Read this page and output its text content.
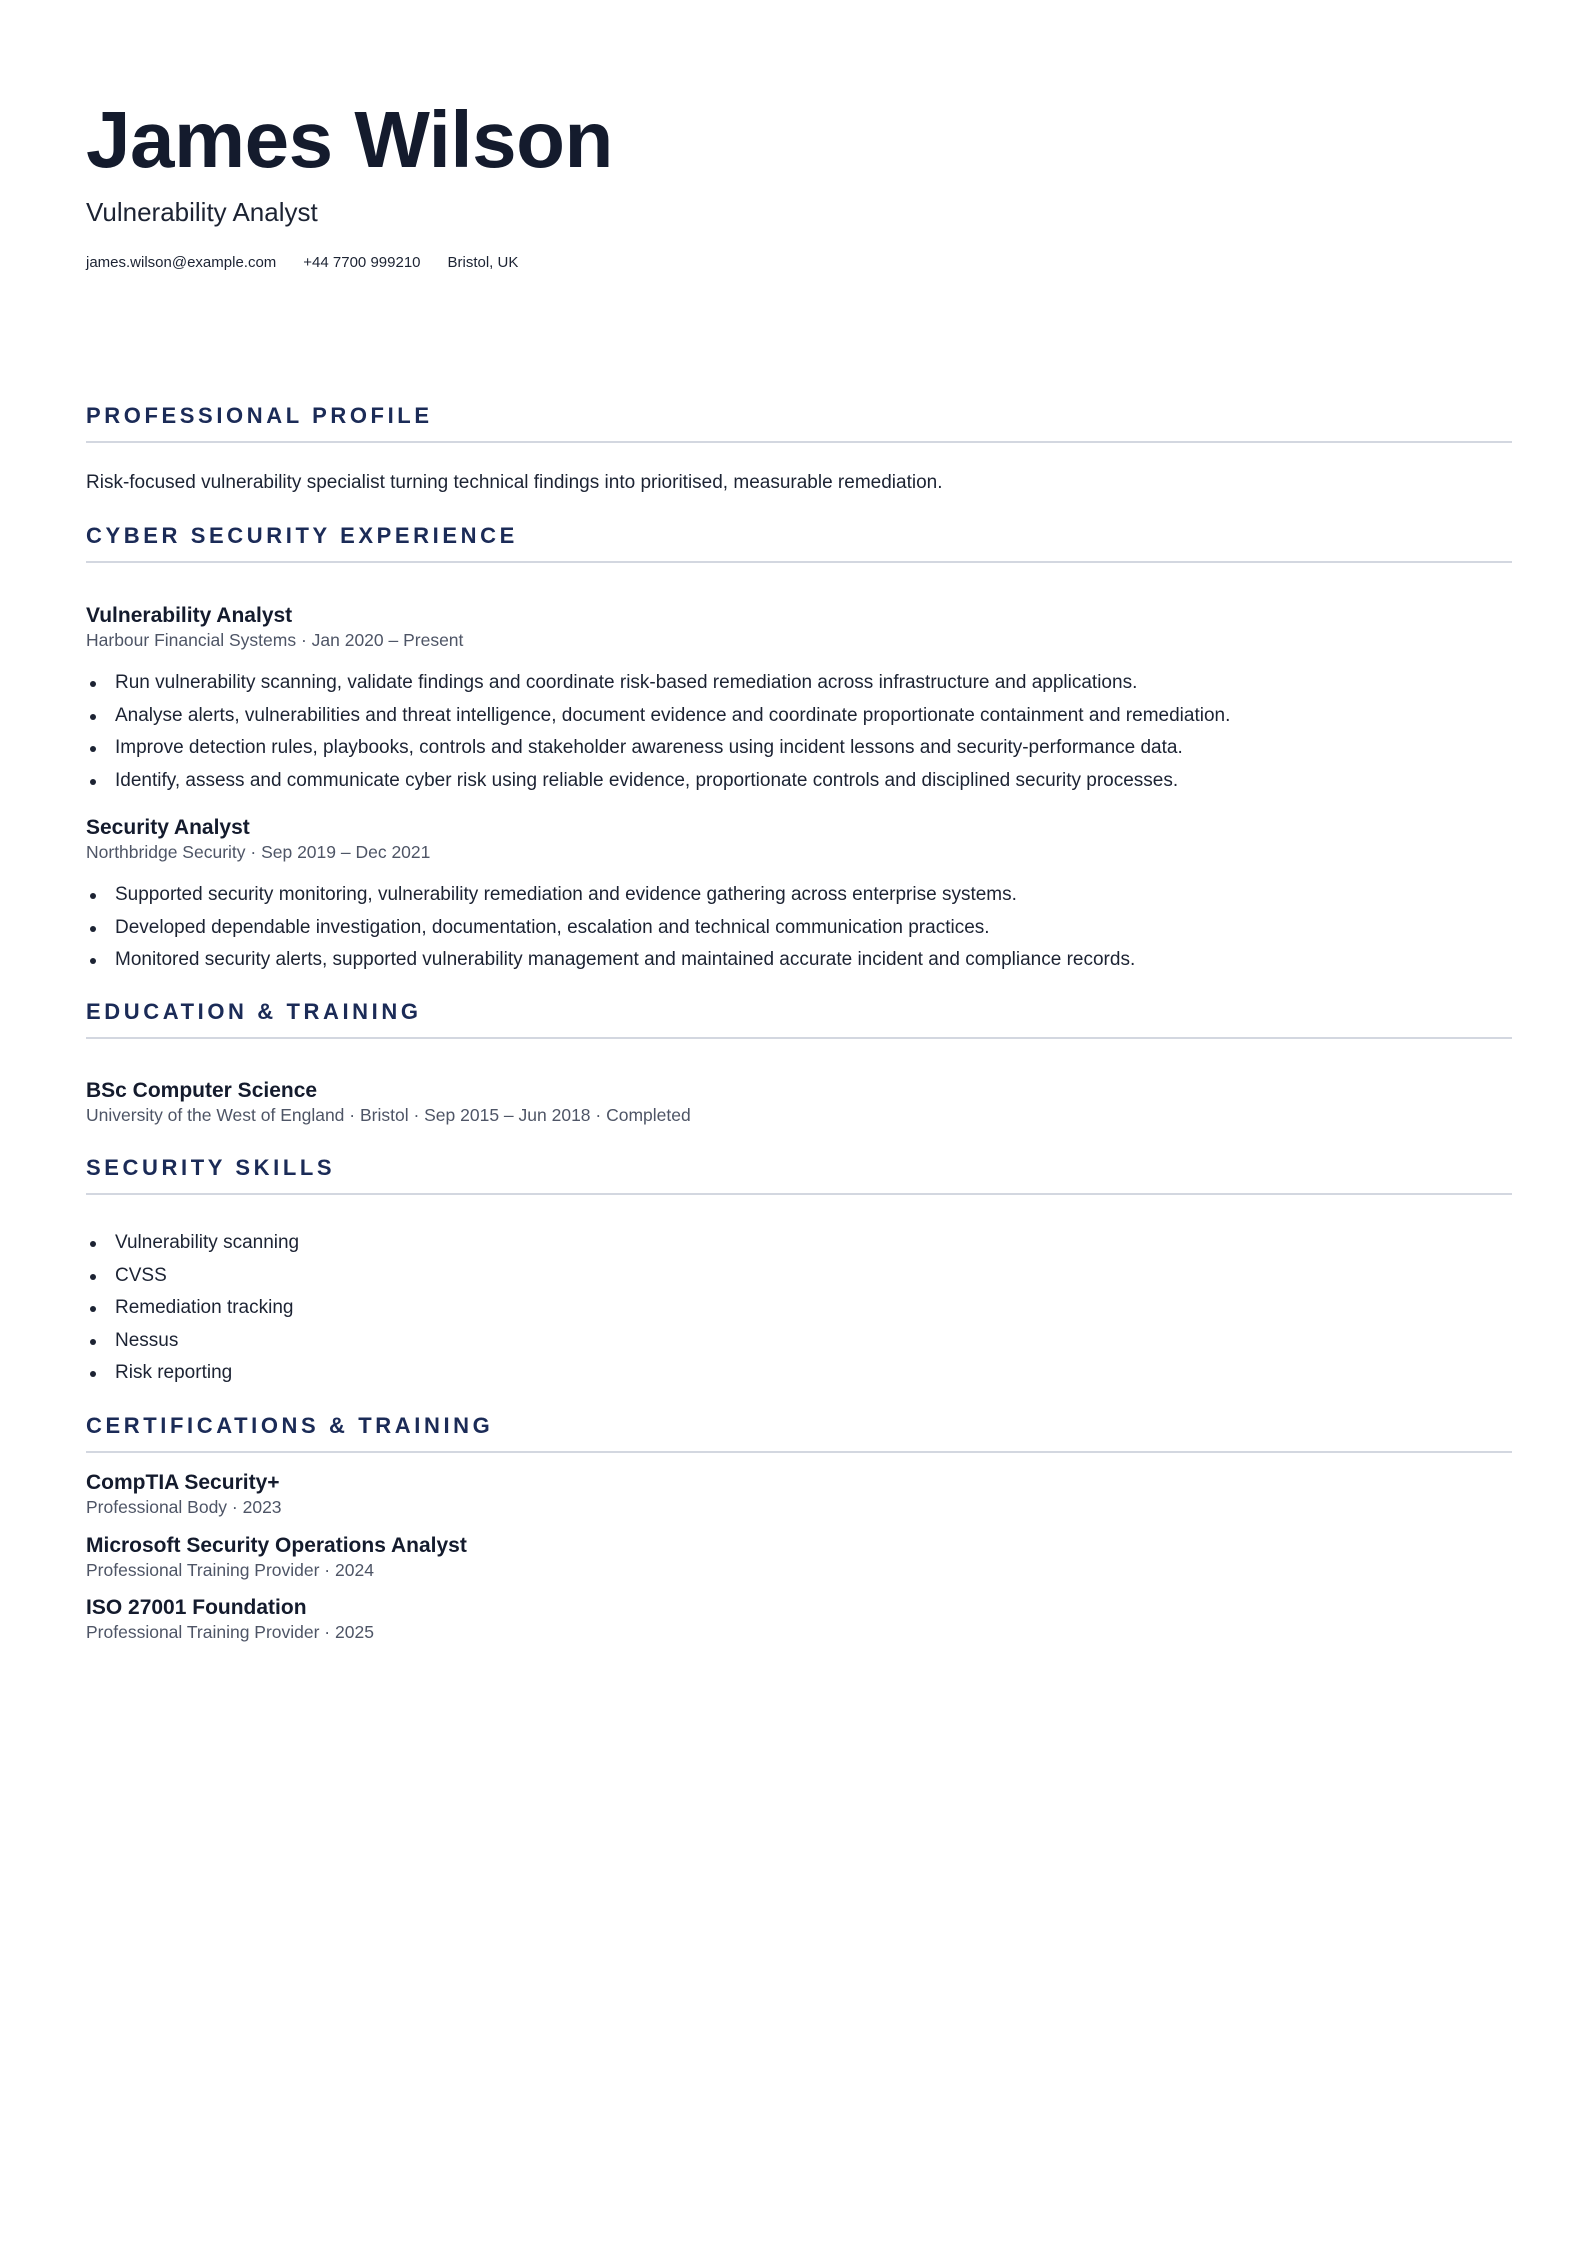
James Wilson
Vulnerability Analyst
james.wilson@example.com +44 7700 999210 Bristol, UK
PROFESSIONAL PROFILE
Risk-focused vulnerability specialist turning technical findings into prioritised, measurable remediation.
CYBER SECURITY EXPERIENCE
Vulnerability Analyst
Harbour Financial Systems · Jan 2020 – Present
Run vulnerability scanning, validate findings and coordinate risk-based remediation across infrastructure and applications.
Analyse alerts, vulnerabilities and threat intelligence, document evidence and coordinate proportionate containment and remediation.
Improve detection rules, playbooks, controls and stakeholder awareness using incident lessons and security-performance data.
Identify, assess and communicate cyber risk using reliable evidence, proportionate controls and disciplined security processes.
Security Analyst
Northbridge Security · Sep 2019 – Dec 2021
Supported security monitoring, vulnerability remediation and evidence gathering across enterprise systems.
Developed dependable investigation, documentation, escalation and technical communication practices.
Monitored security alerts, supported vulnerability management and maintained accurate incident and compliance records.
EDUCATION & TRAINING
BSc Computer Science
University of the West of England · Bristol · Sep 2015 – Jun 2018 · Completed
SECURITY SKILLS
Vulnerability scanning
CVSS
Remediation tracking
Nessus
Risk reporting
CERTIFICATIONS & TRAINING
CompTIA Security+
Professional Body · 2023
Microsoft Security Operations Analyst
Professional Training Provider · 2024
ISO 27001 Foundation
Professional Training Provider · 2025
